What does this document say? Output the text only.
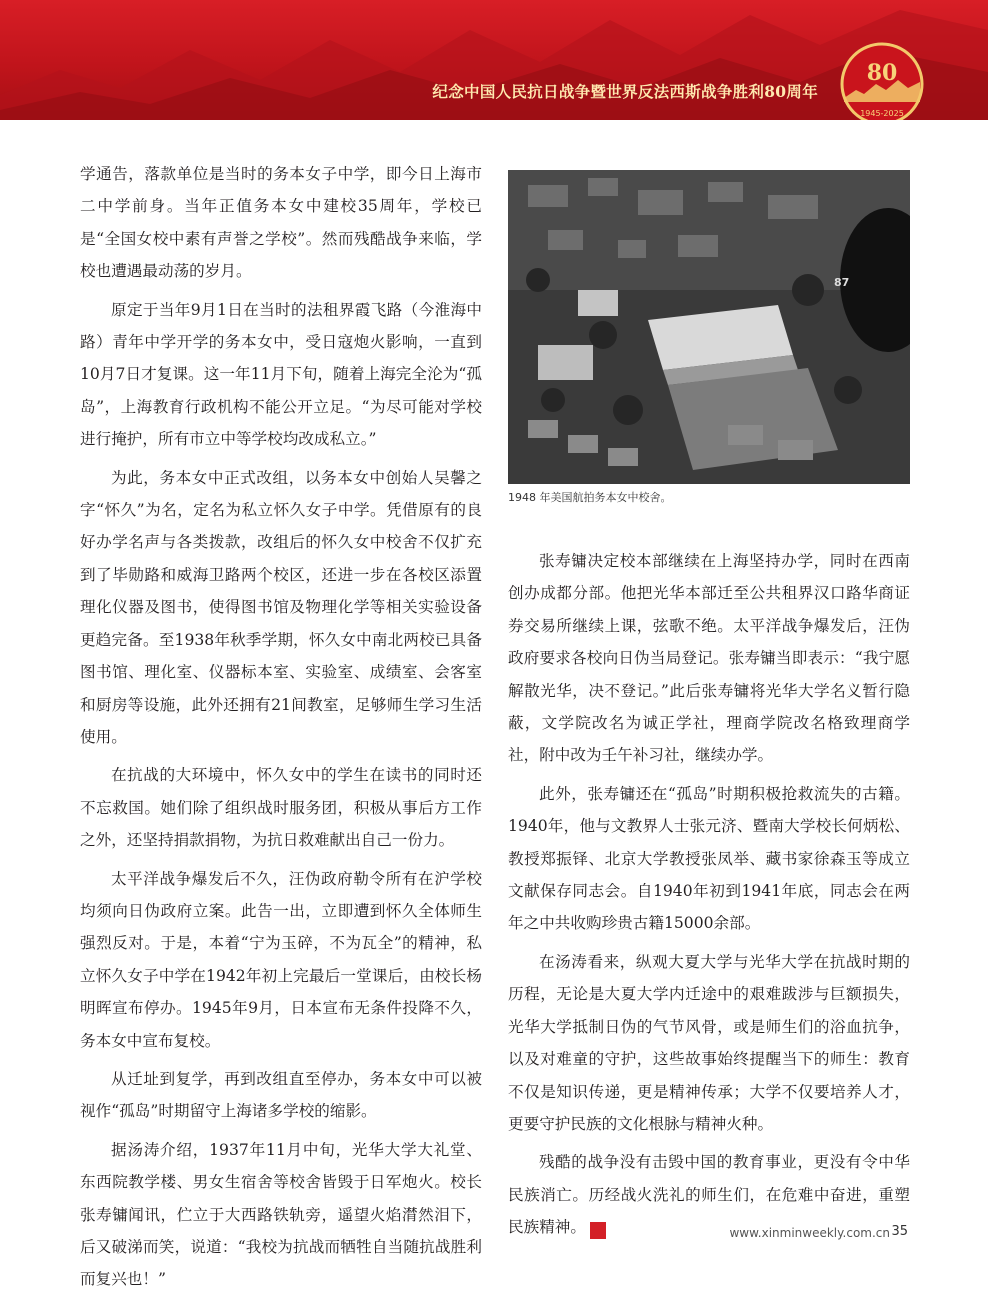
纪念中国人民抗日战争暨世界反法西斯战争胜利80周年
80
1945-2025

学通告，落款单位是当时的务本女子中学，即今日上海市二中学前身。当年正值务本女中建校35周年，学校已是“全国女校中素有声誉之学校”。然而残酷战争来临，学校也遭遇最动荡的岁月。

原定于当年9月1日在当时的法租界霞飞路（今淮海中路）青年中学开学的务本女中，受日寇炮火影响，一直到10月7日才复课。这一年11月下旬，随着上海完全沦为“孤岛”，上海教育行政机构不能公开立足。“为尽可能对学校进行掩护，所有市立中等学校均改成私立。”

为此，务本女中正式改组，以务本女中创始人吴馨之字“怀久”为名，定名为私立怀久女子中学。凭借原有的良好办学名声与各类拨款，改组后的怀久女中校舍不仅扩充到了毕勋路和威海卫路两个校区，还进一步在各校区添置理化仪器及图书，使得图书馆及物理化学等相关实验设备更趋完备。至1938年秋季学期，怀久女中南北两校已具备图书馆、理化室、仪器标本室、实验室、成绩室、会客室和厨房等设施，此外还拥有21间教室，足够师生学习生活使用。

在抗战的大环境中，怀久女中的学生在读书的同时还不忘救国。她们除了组织战时服务团，积极从事后方工作之外，还坚持捐款捐物，为抗日救难献出自己一份力。

太平洋战争爆发后不久，汪伪政府勒令所有在沪学校均须向日伪政府立案。此告一出，立即遭到怀久全体师生强烈反对。于是，本着“宁为玉碎，不为瓦全”的精神，私立怀久女子中学在1942年初上完最后一堂课后，由校长杨明晖宣布停办。1945年9月，日本宣布无条件投降不久，务本女中宣布复校。

从迁址到复学，再到改组直至停办，务本女中可以被视作“孤岛”时期留守上海诸多学校的缩影。

据汤涛介绍，1937年11月中旬，光华大学大礼堂、东西院教学楼、男女生宿舍等校舍皆毁于日军炮火。校长张寿镛闻讯，伫立于大西路铁轨旁，遥望火焰潸然泪下，后又破涕而笑，说道：“我校为抗战而牺牲自当随抗战胜利而复兴也！”

87
1948 年美国航拍务本女中校舍。

张寿镛决定校本部继续在上海坚持办学，同时在西南创办成都分部。他把光华本部迁至公共租界汉口路华商证券交易所继续上课，弦歌不绝。太平洋战争爆发后，汪伪政府要求各校向日伪当局登记。张寿镛当即表示：“我宁愿解散光华，决不登记。”此后张寿镛将光华大学名义暂行隐蔽，文学院改名为诚正学社，理商学院改名格致理商学社，附中改为壬午补习社，继续办学。

此外，张寿镛还在“孤岛”时期积极抢救流失的古籍。1940年，他与文教界人士张元济、暨南大学校长何炳松、教授郑振铎、北京大学教授张凤举、藏书家徐森玉等成立文献保存同志会。自1940年初到1941年底，同志会在两年之中共收购珍贵古籍15000余部。

在汤涛看来，纵观大夏大学与光华大学在抗战时期的历程，无论是大夏大学内迁途中的艰难跋涉与巨额损失，光华大学抵制日伪的气节风骨，或是师生们的浴血抗争，以及对难童的守护，这些故事始终提醒当下的师生：教育不仅是知识传递，更是精神传承；大学不仅要培养人才，更要守护民族的文化根脉与精神火种。

残酷的战争没有击毁中国的教育事业，更没有令中华民族消亡。历经战火洗礼的师生们，在危难中奋进，重塑民族精神。	民	www.xinminweekly.com.cn 35
